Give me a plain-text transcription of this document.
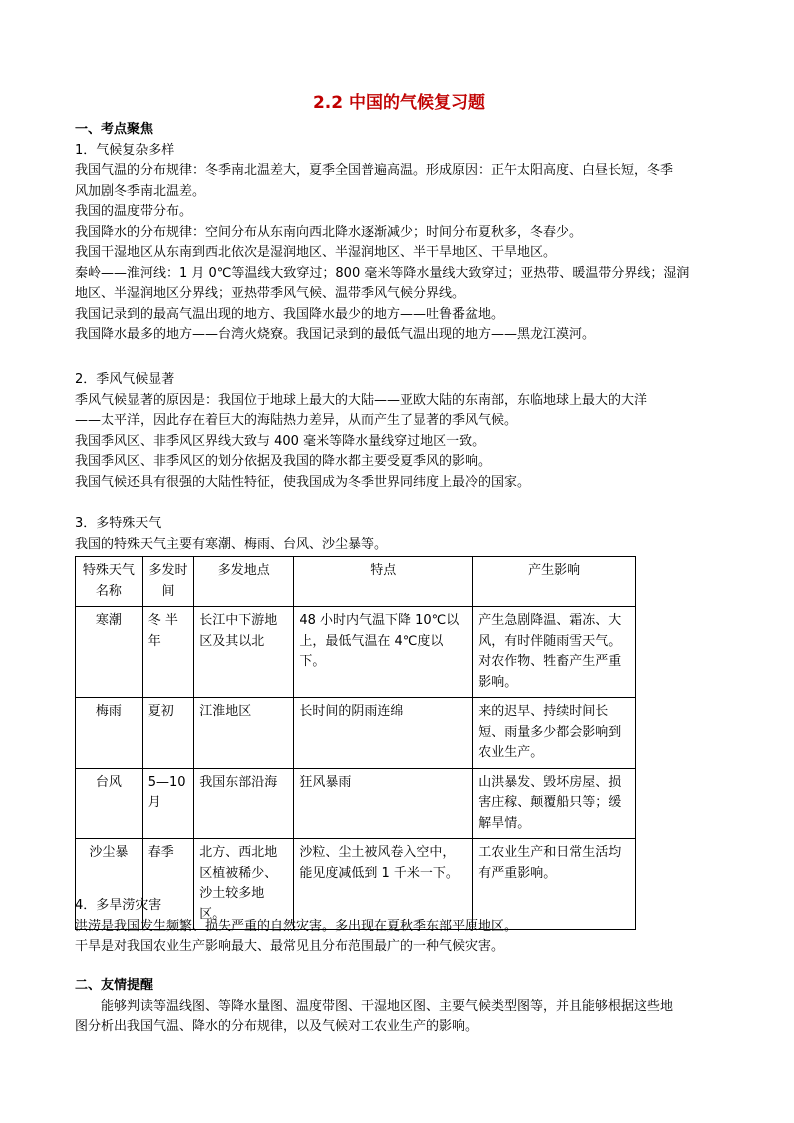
2.2 中国的气候复习题
一、考点聚焦
1．气候复杂多样
我国气温的分布规律：冬季南北温差大，夏季全国普遍高温。形成原因：正午太阳高度、白昼长短，冬季
风加剧冬季南北温差。
我国的温度带分布。
我国降水的分布规律：空间分布从东南向西北降水逐渐减少；时间分布夏秋多，冬春少。
我国干湿地区从东南到西北依次是湿润地区、半湿润地区、半干旱地区、干旱地区。
秦岭——淮河线：1 月 0℃等温线大致穿过；800 毫米等降水量线大致穿过；亚热带、暖温带分界线；湿润
地区、半湿润地区分界线；亚热带季风气候、温带季风气候分界线。
我国记录到的最高气温出现的地方、我国降水最少的地方——吐鲁番盆地。
我国降水最多的地方——台湾火烧寮。我国记录到的最低气温出现的地方——黑龙江漠河。
2．季风气候显著
季风气候显著的原因是：我国位于地球上最大的大陆——亚欧大陆的东南部，东临地球上最大的大洋
——太平洋，因此存在着巨大的海陆热力差异，从而产生了显著的季风气候。
我国季风区、非季风区界线大致与 400 毫米等降水量线穿过地区一致。
我国季风区、非季风区的划分依据及我国的降水都主要受夏季风的影响。
我国气候还具有很强的大陆性特征，使我国成为冬季世界同纬度上最冷的国家。
3．多特殊天气
我国的特殊天气主要有寒潮、梅雨、台风、沙尘暴等。
特殊天气名称	多发时间	多发地点	特点	产生影响
寒潮	冬 半年	长江中下游地区及其以北	48 小时内气温下降 10℃以上，最低气温在 4℃度以下。	产生急剧降温、霜冻、大风，有时伴随雨雪天气。对农作物、牲畜产生严重影响。
梅雨	夏初	江淮地区	长时间的阴雨连绵	来的迟早、持续时间长短、雨量多少都会影响到农业生产。
台风	5—10月	我国东部沿海	狂风暴雨	山洪暴发、毁坏房屋、损害庄稼、颠覆船只等；缓解旱情。
沙尘暴	春季	北方、西北地区植被稀少、沙土较多地区。	沙粒、尘土被风卷入空中，能见度减低到 1 千米一下。	工农业生产和日常生活均有严重影响。
4．多旱涝灾害
洪涝是我国发生频繁、损失严重的自然灾害。多出现在夏秋季东部平原地区。
干旱是对我国农业生产影响最大、最常见且分布范围最广的一种气候灾害。
二、友情提醒
能够判读等温线图、等降水量图、温度带图、干湿地区图、主要气候类型图等，并且能够根据这些地
图分析出我国气温、降水的分布规律，以及气候对工农业生产的影响。
